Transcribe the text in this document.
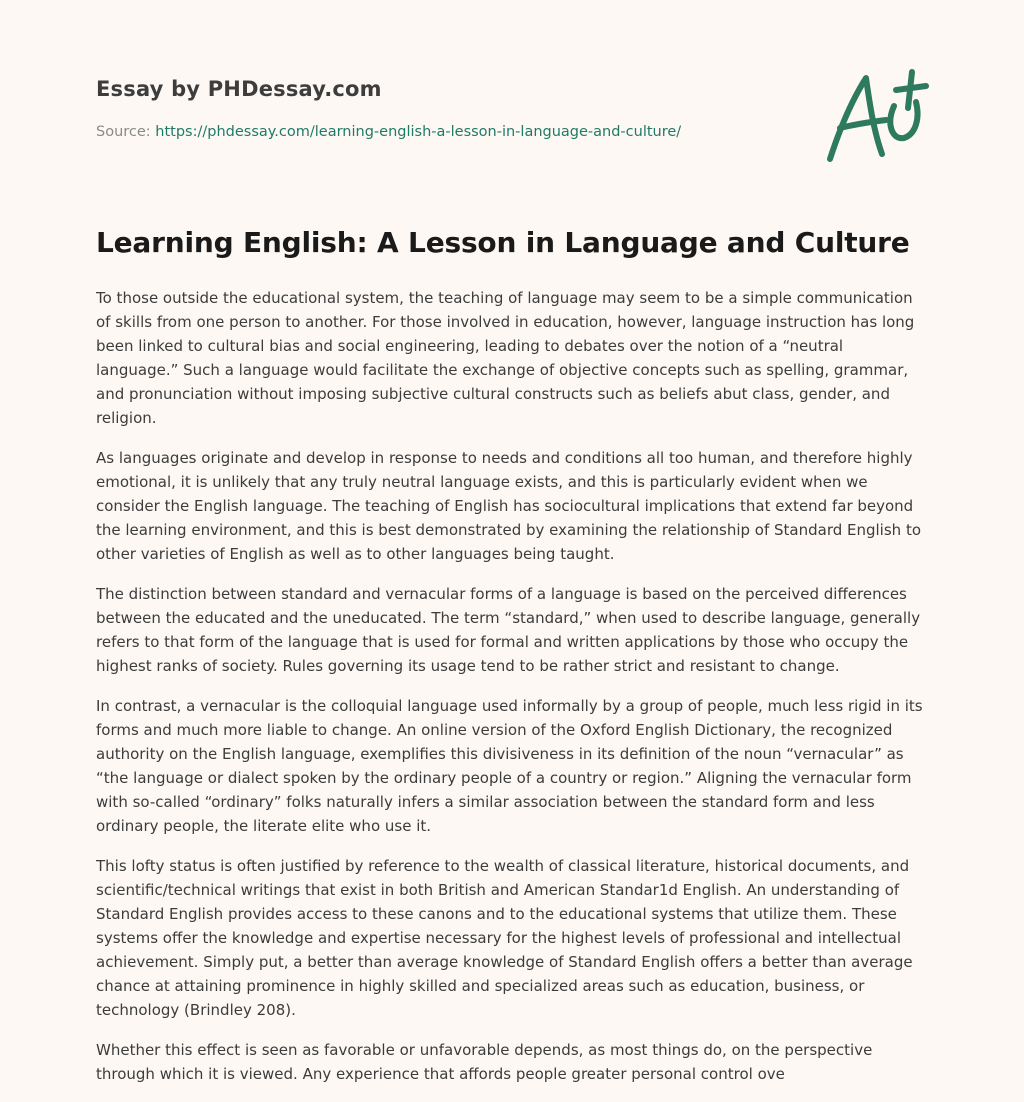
Essay by PHDessay.com

Source: https://phdessay.com/learning-english-a-lesson-in-language-and-culture/

Learning English: A Lesson in Language and Culture

To those outside the educational system, the teaching of language may seem to be a simple communication of skills from one person to another. For those involved in education, however, language instruction has long been linked to cultural bias and social engineering, leading to debates over the notion of a “neutral language.” Such a language would facilitate the exchange of objective concepts such as spelling, grammar, and pronunciation without imposing subjective cultural constructs such as beliefs abut class, gender, and religion.

As languages originate and develop in response to needs and conditions all too human, and therefore highly emotional, it is unlikely that any truly neutral language exists, and this is particularly evident when we consider the English language. The teaching of English has sociocultural implications that extend far beyond the learning environment, and this is best demonstrated by examining the relationship of Standard English to other varieties of English as well as to other languages being taught.

The distinction between standard and vernacular forms of a language is based on the perceived differences between the educated and the uneducated. The term “standard,” when used to describe language, generally refers to that form of the language that is used for formal and written applications by those who occupy the highest ranks of society. Rules governing its usage tend to be rather strict and resistant to change.

In contrast, a vernacular is the colloquial language used informally by a group of people, much less rigid in its forms and much more liable to change. An online version of the Oxford English Dictionary, the recognized authority on the English language, exemplifies this divisiveness in its definition of the noun “vernacular” as “the language or dialect spoken by the ordinary people of a country or region.” Aligning the vernacular form with so-called “ordinary” folks naturally infers a similar association between the standard form and less ordinary people, the literate elite who use it.

This lofty status is often justified by reference to the wealth of classical literature, historical documents, and scientific/technical writings that exist in both British and American Standar1d English. An understanding of Standard English provides access to these canons and to the educational systems that utilize them. These systems offer the knowledge and expertise necessary for the highest levels of professional and intellectual achievement. Simply put, a better than average knowledge of Standard English offers a better than average chance at attaining prominence in highly skilled and specialized areas such as education, business, or technology (Brindley 208).

Whether this effect is seen as favorable or unfavorable depends, as most things do, on the perspective through which it is viewed. Any experience that affords people greater personal control ove
